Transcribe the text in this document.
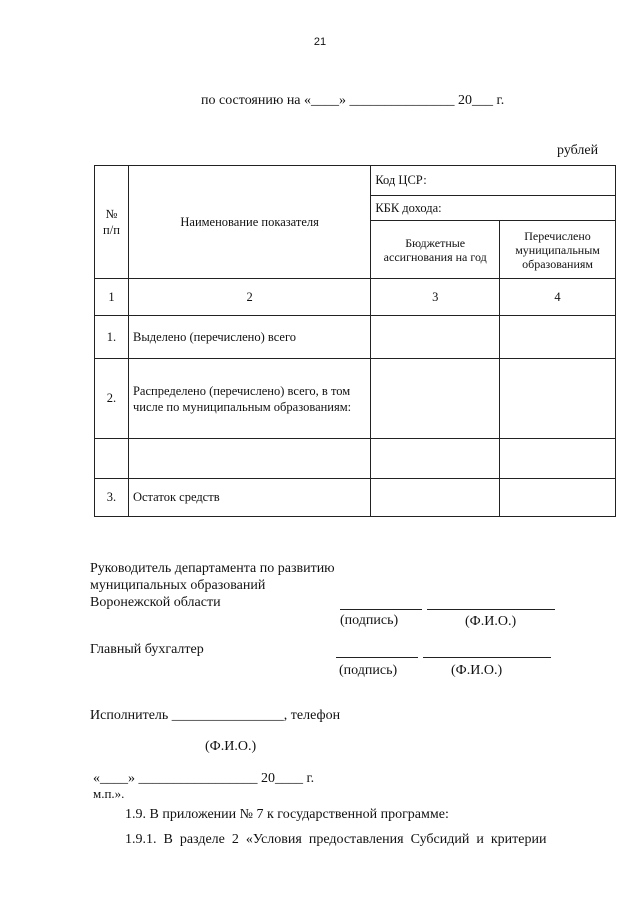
21
по состоянию на «____» _______________ 20___ г.
рублей
№ п/п	Наименование показателя	Код ЦСР:	
		КБК дохода:	
		Бюджетные ассигнования на год	Перечислено муниципальным образованиям
1	2	3	4
1.	Выделено (перечислено) всего		
2.	Распределено (перечислено) всего, в том числе по муниципальным образованиям:		

3.	Остаток средств		
Руководитель департамента по развитию
муниципальных образований
Воронежской области
(подпись)	(Ф.И.О.)
Главный бухгалтер
(подпись)	(Ф.И.О.)
Исполнитель ________________, телефон
(Ф.И.О.)
«____» _________________ 20____ г.
м.п.».
1.9. В приложении № 7 к государственной программе:
1.9.1.  В  разделе  2  «Условия  предоставления  Субсидий  и  критерии
